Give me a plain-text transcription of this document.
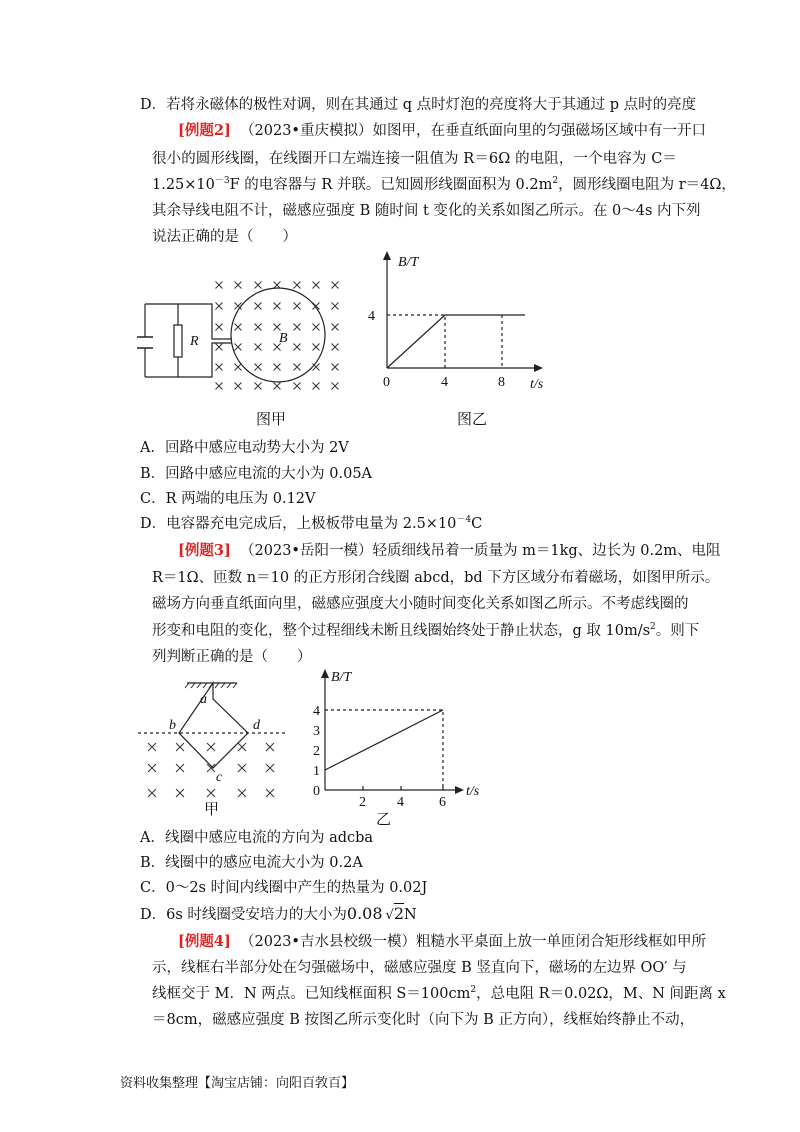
D．若将永磁体的极性对调，则在其通过 q 点时灯泡的亮度将大于其通过 p 点时的亮度
[例题2] （2023•重庆模拟）如图甲，在垂直纸面向里的匀强磁场区域中有一开口
很小的圆形线圈，在线圈开口左端连接一阻值为 R＝6Ω 的电阻，一个电容为 C＝
$1.25\times 10^{-3}F$ 的电容器与 R 并联。已知圆形线圈面积为 $0.2m^2$，圆形线圈电阻为 r＝4Ω，
其余导线电阻不计，磁感应强度 B 随时间 t 变化的关系如图乙所示。在 0～4s 内下列
说法正确的是（　　）
R	B
B/T
4
0	4	8 t/s
a
b	d
c
B/T
0
1
2
3
4
2 4	6
t/s
图甲	图乙
甲
乙
A．回路中感应电动势大小为 2V
B．回路中感应电流的大小为 0.05A
C．R 两端的电压为 0.12V
D．电容器充电完成后，上极板带电量为 $2.5\times 10^{-4}C$
[例题3] （2023•岳阳一模）轻质细线吊着一质量为 m＝1kg、边长为 0.2m、电阻
R＝1Ω、匝数 n＝10 的正方形闭合线圈 abcd，bd 下方区域分布着磁场，如图甲所示。
磁场方向垂直纸面向里，磁感应强度大小随时间变化关系如图乙所示。不考虑线圈的
形变和电阻的变化，整个过程细线未断且线圈始终处于静止状态，g 取 $10m/s^2$。则下
列判断正确的是（　　）
A．线圈中感应电流的方向为 adcba
B．线圈中的感应电流大小为 0.2A
C．0～2s 时间内线圈中产生的热量为 0.02J
D．6s 时线圈受安培力的大小为0.08 √2N
[例题4] （2023•吉水县校级一模）粗糙水平桌面上放一单匝闭合矩形线框如甲所
示，线框右半部分处在匀强磁场中，磁感应强度 B 竖直向下，磁场的左边界 OO′ 与
线框交于 M．N 两点。已知线框面积 $S=100cm^2$，总电阻 R＝0.02Ω，M、N 间距离 x
＝8cm，磁感应强度 B 按图乙所示变化时（向下为 B 正方向），线框始终静止不动，
资料收集整理【淘宝店铺：向阳百㪍百】
